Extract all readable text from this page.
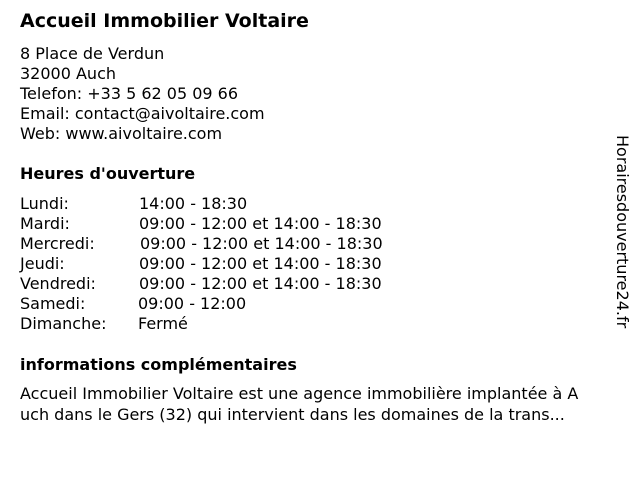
Accueil Immobilier Voltaire
8 Place de Verdun
32000 Auch
Telefon: +33 5 62 05 09 66
Email: contact@aivoltaire.com
Web: www.aivoltaire.com
Heures d'ouverture
Lundi:	14:00 - 18:30
Mardi:	09:00 - 12:00 et 14:00 - 18:30
Mercredi:	09:00 - 12:00 et 14:00 - 18:30
Jeudi:	09:00 - 12:00 et 14:00 - 18:30
Vendredi:	09:00 - 12:00 et 14:00 - 18:30
Samedi:	09:00 - 12:00
Dimanche: Fermé
informations complémentaires
Accueil Immobilier Voltaire est une agence immobilière implantée à A
uch dans le Gers (32) qui intervient dans les domaines de la trans...
Horairesdouverture24.fr
